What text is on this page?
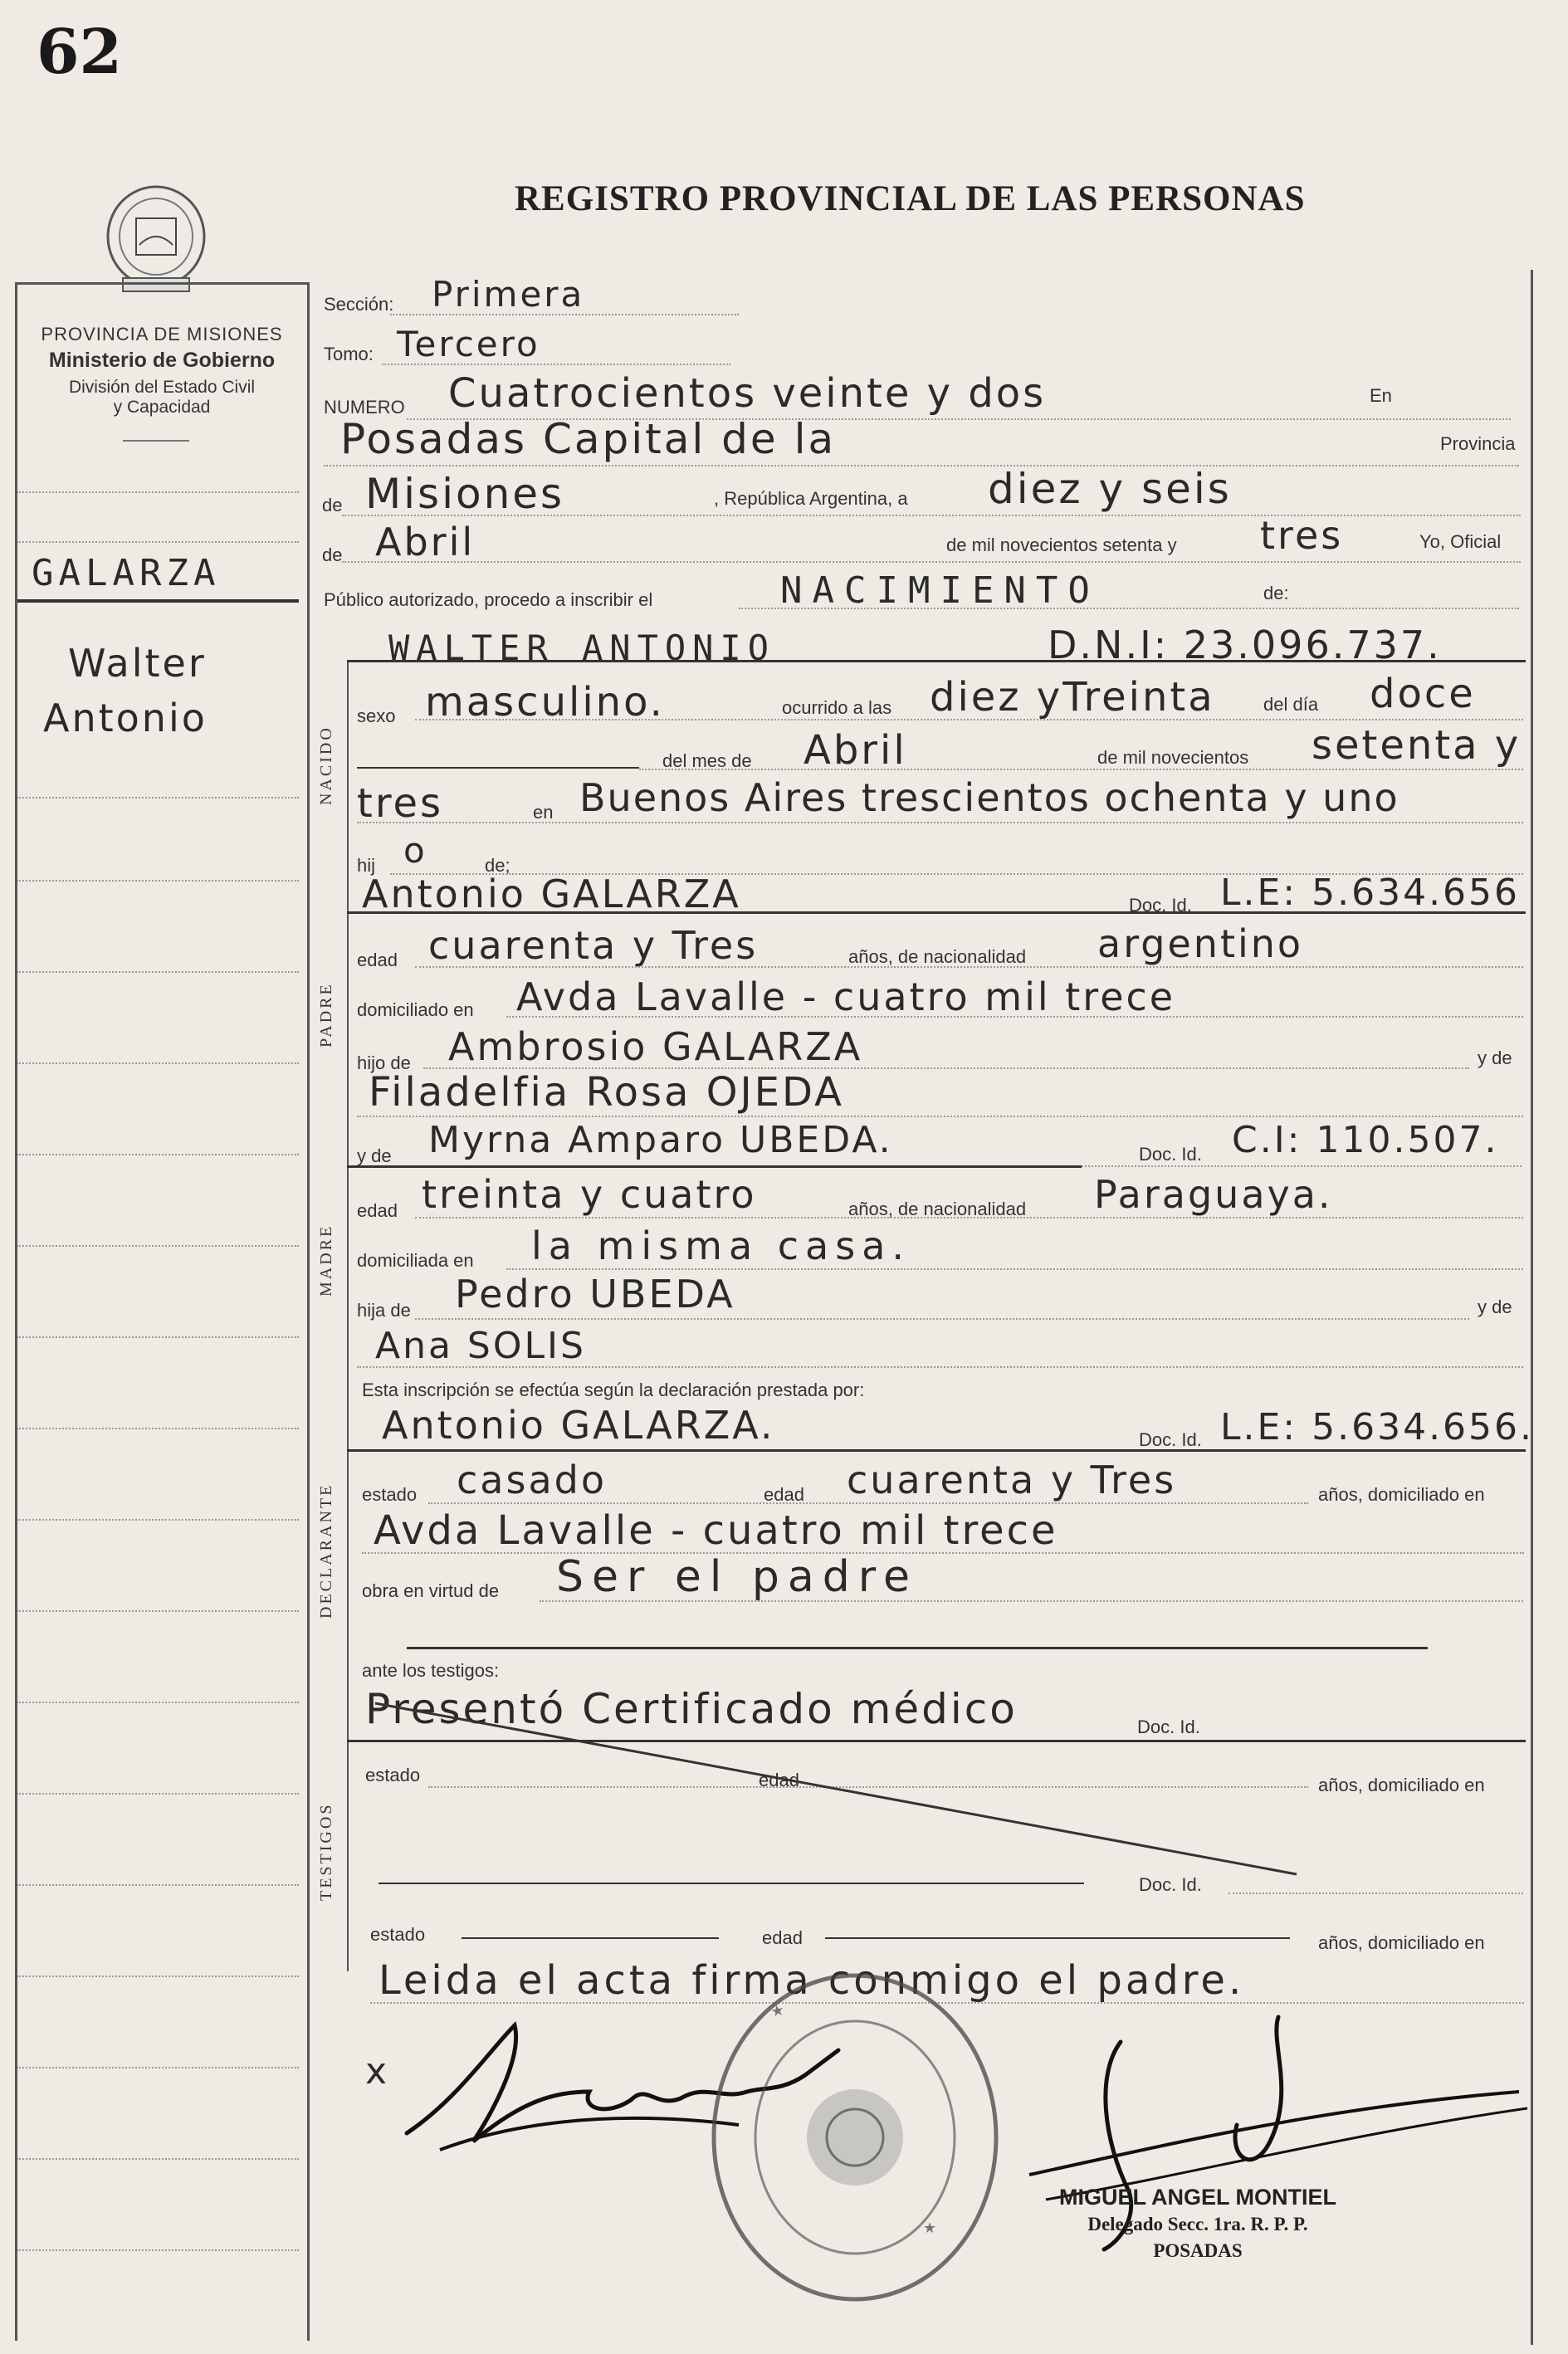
62
REGISTRO PROVINCIAL DE LAS PERSONAS
PROVINCIA DE MISIONES
Ministerio de Gobierno
División del Estado Civil
y Capacidad
GALARZA
Walter
Antonio
NACIDO
PADRE
MADRE
DECLARANTE
TESTIGOS
Sección: Primera
Tomo: Tercero
NUMERO Cuatrocientos veinte y dos	En
Posadas Capital de la	Provincia
de Misiones	, República Argentina, a diez y seis
de Abril	de mil novecientos setenta y tres	Yo, Oficial
Público autorizado, procedo a inscribir el	NACIMIENTO	de:
WALTER ANTONIO	D.N.I: 23.096.737.
sexo masculino.	ocurrido a las diez yTreinta	del día doce
del mes de Abril	de mil novecientos setenta y
tres	en Buenos Aires trescientos ochenta y uno
hij o	de;
Antonio GALARZA	Doc. Id. L.E: 5.634.656
edad cuarenta y Tres	años, de nacionalidad argentino
domiciliado en Avda Lavalle - cuatro mil trece
hijo de Ambrosio GALARZA	y de
Filadelfia Rosa OJEDA
y de Myrna Amparo UBEDA.	Doc. Id. C.I: 110.507.
edad treinta y cuatro	años, de nacionalidad Paraguaya.
domiciliada en la misma casa.
hija de Pedro UBEDA	y de
Ana SOLIS
Esta inscripción se efectúa según la declaración prestada por:
Antonio GALARZA.	Doc. Id. L.E: 5.634.656.
estado casado	edad cuarenta y Tres	años, domiciliado en
Avda Lavalle - cuatro mil trece
obra en virtud de Ser el padre
ante los testigos:
Presentó Certificado médico	Doc. Id.
estado	edad	años, domiciliado en
Doc. Id.
estado	edad	años, domiciliado en
Leida el acta firma conmigo el padre.
x
★
★
MIGUEL ANGEL MONTIEL
Delegado Secc. 1ra. R. P. P.
POSADAS
